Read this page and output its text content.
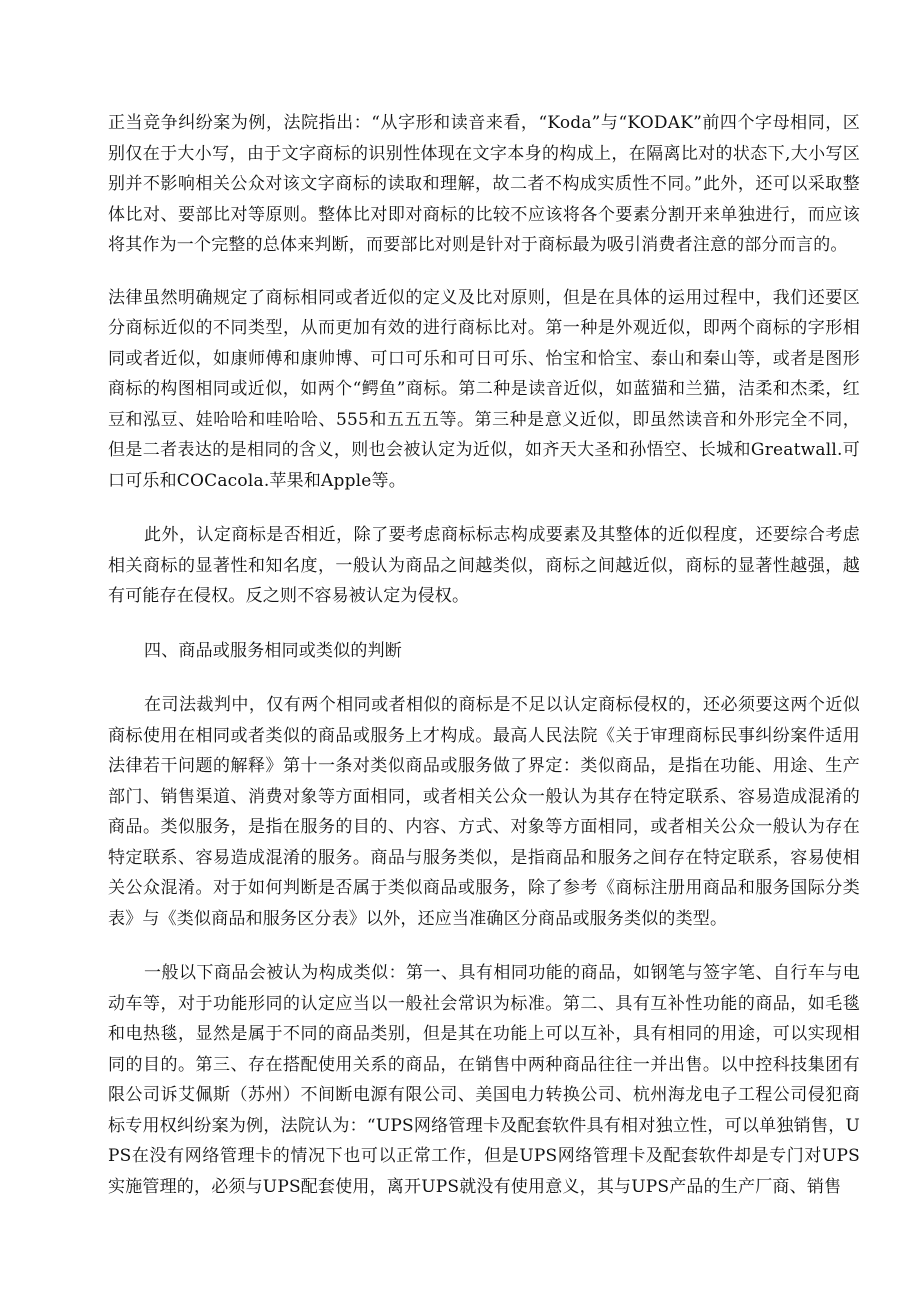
正当竞争纠纷案为例，法院指出：“从字形和读音来看，“Koda”与“KODAK”前四个字母相同，区别仅在于大小写，由于文字商标的识别性体现在文字本身的构成上，在隔离比对的状态下,大小写区别并不影响相关公众对该文字商标的读取和理解，故二者不构成实质性不同。”此外，还可以采取整体比对、要部比对等原则。整体比对即对商标的比较不应该将各个要素分割开来单独进行，而应该将其作为一个完整的总体来判断，而要部比对则是针对于商标最为吸引消费者注意的部分而言的。

法律虽然明确规定了商标相同或者近似的定义及比对原则，但是在具体的运用过程中，我们还要区分商标近似的不同类型，从而更加有效的进行商标比对。第一种是外观近似，即两个商标的字形相同或者近似，如康师傅和康帅博、可口可乐和可日可乐、怡宝和恰宝、泰山和秦山等，或者是图形商标的构图相同或近似，如两个“鳄鱼”商标。第二种是读音近似，如蓝猫和兰猫，洁柔和杰柔，红豆和泓豆、娃哈哈和哇哈哈、555和五五五等。第三种是意义近似，即虽然读音和外形完全不同，但是二者表达的是相同的含义，则也会被认定为近似，如齐天大圣和孙悟空、长城和Greatwall.可口可乐和COCacola.苹果和Apple等。

此外，认定商标是否相近，除了要考虑商标标志构成要素及其整体的近似程度，还要综合考虑相关商标的显著性和知名度，一般认为商品之间越类似，商标之间越近似，商标的显著性越强，越有可能存在侵权。反之则不容易被认定为侵权。

四、商品或服务相同或类似的判断

在司法裁判中，仅有两个相同或者相似的商标是不足以认定商标侵权的，还必须要这两个近似商标使用在相同或者类似的商品或服务上才构成。最高人民法院《关于审理商标民事纠纷案件适用法律若干问题的解释》第十一条对类似商品或服务做了界定：类似商品，是指在功能、用途、生产部门、销售渠道、消费对象等方面相同，或者相关公众一般认为其存在特定联系、容易造成混淆的商品。类似服务，是指在服务的目的、内容、方式、对象等方面相同，或者相关公众一般认为存在特定联系、容易造成混淆的服务。商品与服务类似，是指商品和服务之间存在特定联系，容易使相关公众混淆。对于如何判断是否属于类似商品或服务，除了参考《商标注册用商品和服务国际分类表》与《类似商品和服务区分表》以外，还应当准确区分商品或服务类似的类型。

一般以下商品会被认为构成类似：第一、具有相同功能的商品，如钢笔与签字笔、自行车与电动车等，对于功能形同的认定应当以一般社会常识为标准。第二、具有互补性功能的商品，如毛毯和电热毯，显然是属于不同的商品类别，但是其在功能上可以互补，具有相同的用途，可以实现相同的目的。第三、存在搭配使用关系的商品，在销售中两种商品往往一并出售。以中控科技集团有限公司诉艾佩斯（苏州）不间断电源有限公司、美国电力转换公司、杭州海龙电子工程公司侵犯商标专用权纠纷案为例，法院认为：“UPS网络管理卡及配套软件具有相对独立性，可以单独销售，UPS在没有网络管理卡的情况下也可以正常工作，但是UPS网络管理卡及配套软件却是专门对UPS实施管理的，必须与UPS配套使用，离开UPS就没有使用意义，其与UPS产品的生产厂商、销售
